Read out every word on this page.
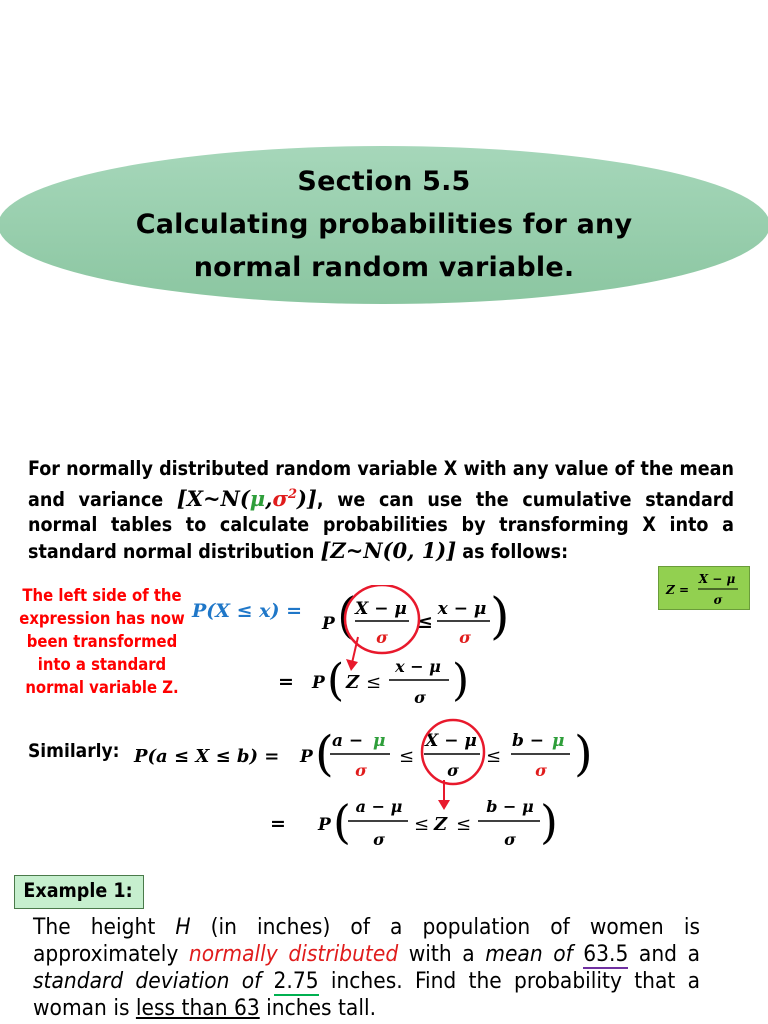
Section 5.5
Calculating probabilities for any
normal random variable.
For normally distributed random variable X with any value of the mean and variance $[X\sim N(\mu,\sigma^2)]$, we can use the cumulative standard normal tables to calculate probabilities by transforming X into a standard normal distribution [Z~N(0, 1)] as follows:
The left side of the expression has now been transformed into a standard normal variable Z.
Z =
X − μ
σ
P(X ≤ x) =
P (
X − μ
σ
≤
x − μ
σ )
= P ( Z ≤
x − μ
σ )
Similarly: P(a ≤ X ≤ b) = P (
a − μ
σ
≤
X − μ
σ
≤
b − μ
σ )
= P ( a − μ
σ
≤ Z ≤
b − μ
σ )
Example 1:
The height H (in inches) of a population of women is approximately normally distributed with a mean of 63.5 and a standard deviation of 2.75 inches. Find the probability that a woman is less than 63 inches tall.
